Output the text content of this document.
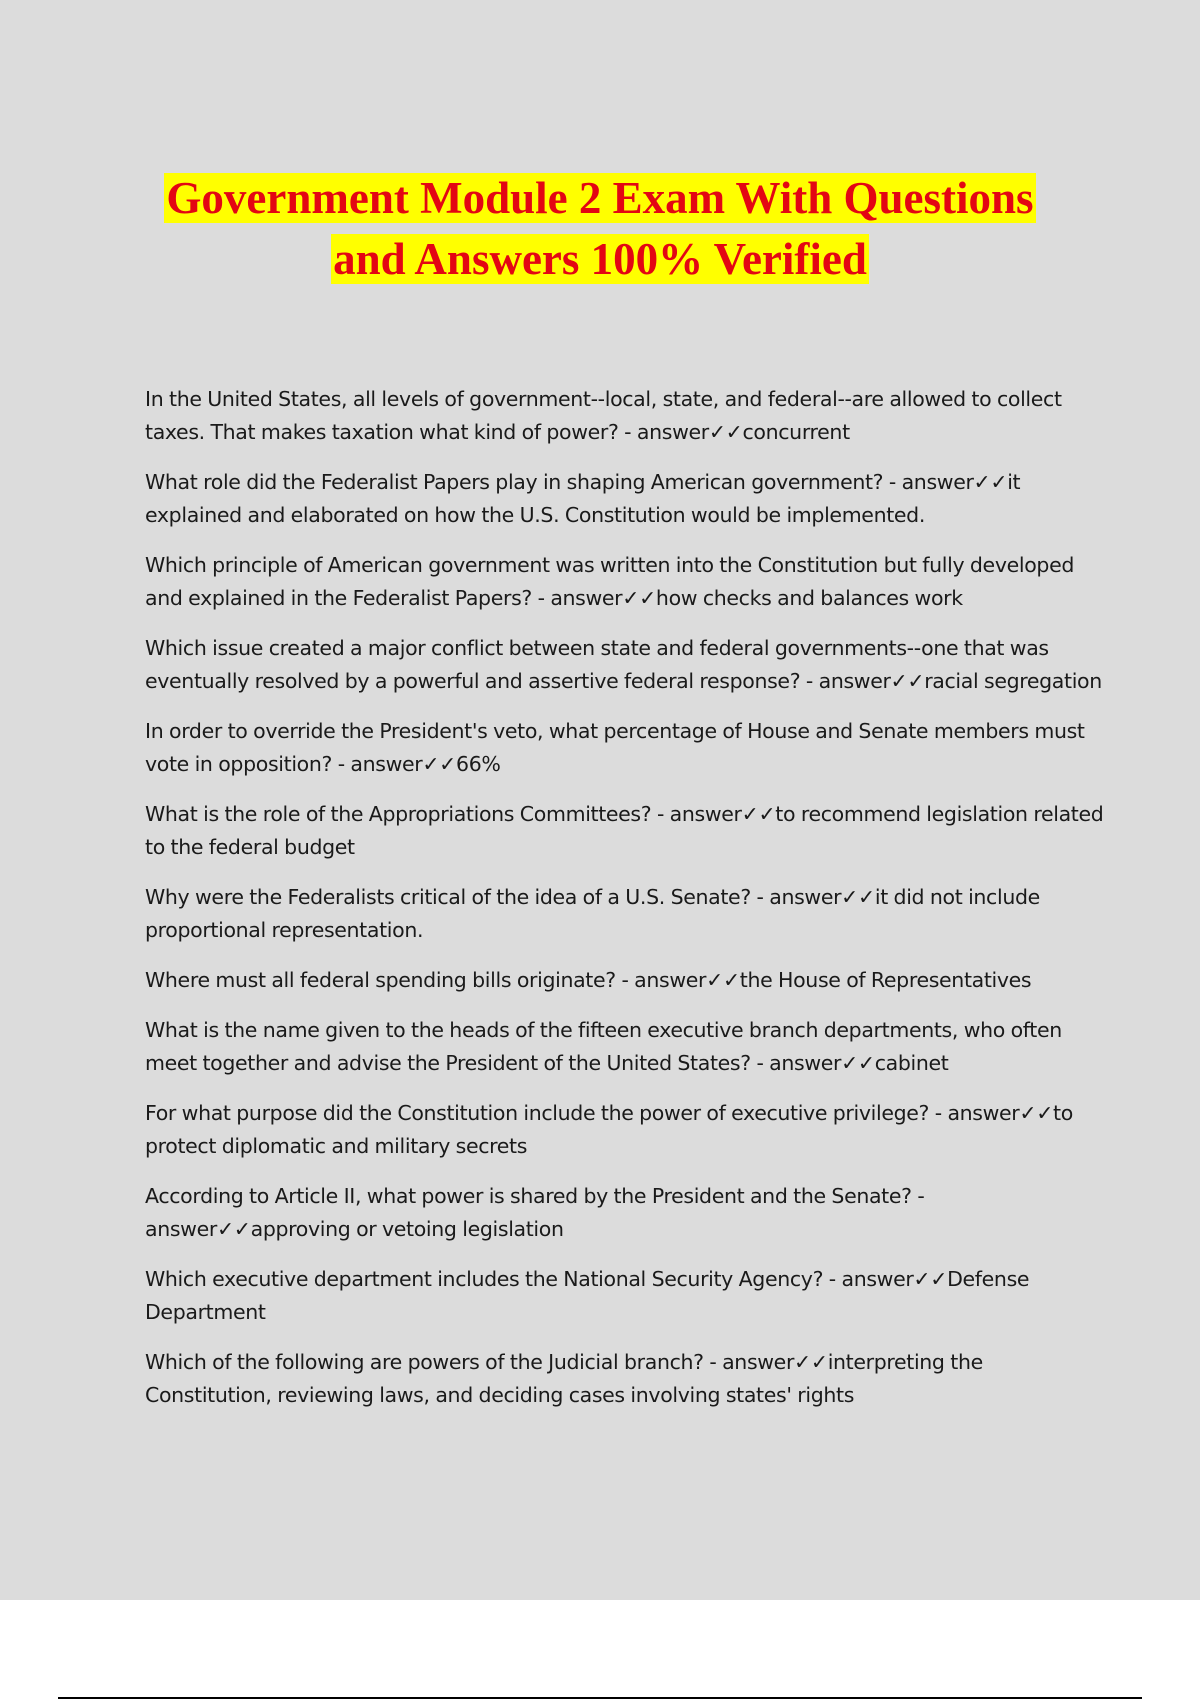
Government Module 2 Exam With Questions
and Answers 100% Verified
In the United States, all levels of government--local, state, and federal--are allowed to collect taxes. That makes taxation what kind of power? - answer✓✓concurrent
What role did the Federalist Papers play in shaping American government? - answer✓✓it explained and elaborated on how the U.S. Constitution would be implemented.
Which principle of American government was written into the Constitution but fully developed and explained in the Federalist Papers? - answer✓✓how checks and balances work
Which issue created a major conflict between state and federal governments--one that was eventually resolved by a powerful and assertive federal response? - answer✓✓racial segregation
In order to override the President's veto, what percentage of House and Senate members must vote in opposition? - answer✓✓66%
What is the role of the Appropriations Committees? - answer✓✓to recommend legislation related to the federal budget
Why were the Federalists critical of the idea of a U.S. Senate? - answer✓✓it did not include proportional representation.
Where must all federal spending bills originate? - answer✓✓the House of Representatives
What is the name given to the heads of the fifteen executive branch departments, who often meet together and advise the President of the United States? - answer✓✓cabinet
For what purpose did the Constitution include the power of executive privilege? - answer✓✓to protect diplomatic and military secrets
According to Article II, what power is shared by the President and the Senate? - answer✓✓approving or vetoing legislation
Which executive department includes the National Security Agency? - answer✓✓Defense Department
Which of the following are powers of the Judicial branch? - answer✓✓interpreting the Constitution, reviewing laws, and deciding cases involving states' rights
